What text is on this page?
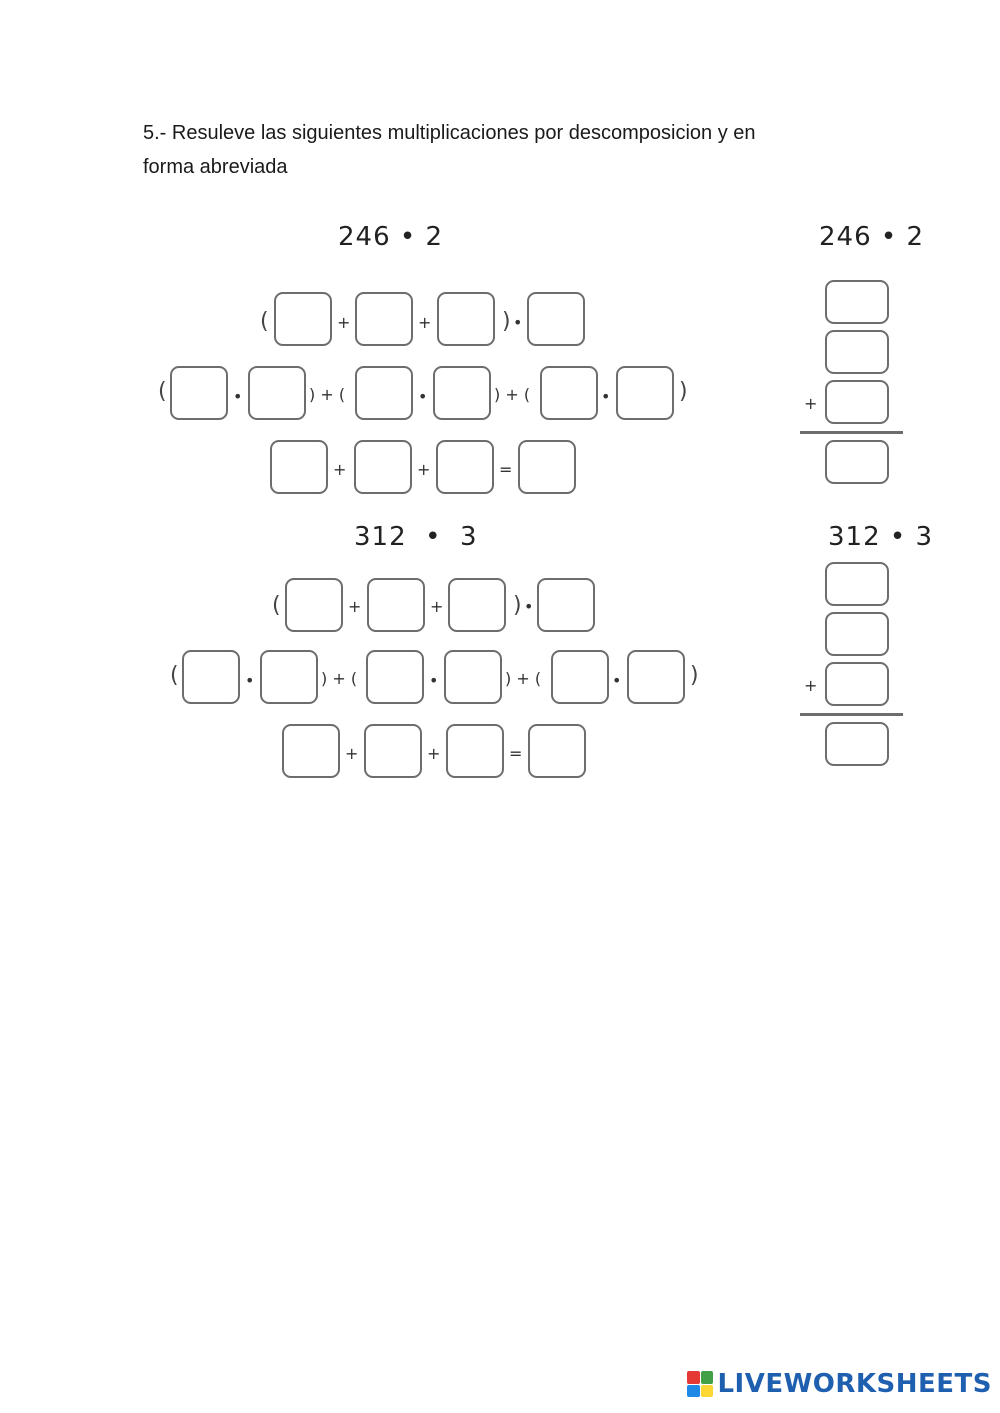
5.- Resuleve las siguientes multiplicaciones por descomposicion y en
forma abreviada
246 • 2
(	+	+	) •
(	•	) + (	•	) + (	•	)
+	+	=
246 • 2
+
312  •  3
(	+	+	) •
(	•	) + (	•	) + (	•	)
+	+	=
312 • 3
+
LIVEWORKSHEETS
